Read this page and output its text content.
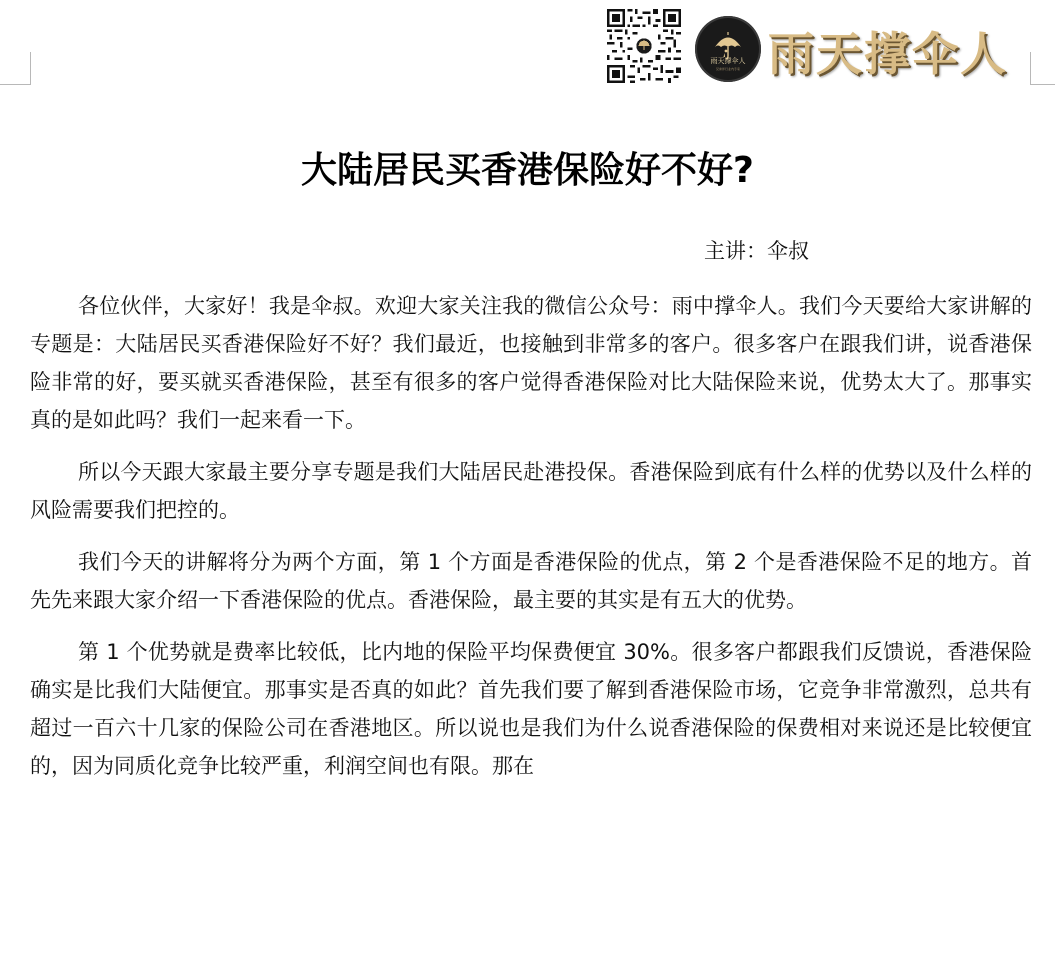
雨天撑伞人
兄弟伴行业内专家 雨天撑伞人
大陆居民买香港保险好不好?
主讲：伞叔

各位伙伴，大家好！我是伞叔。欢迎大家关注我的微信公众号：雨中撑伞人。我们今天要给大家讲解的专题是：大陆居民买香港保险好不好？我们最近，也接触到非常多的客户。很多客户在跟我们讲，说香港保险非常的好，要买就买香港保险，甚至有很多的客户觉得香港保险对比大陆保险来说，优势太大了。那事实真的是如此吗？我们一起来看一下。

所以今天跟大家最主要分享专题是我们大陆居民赴港投保。香港保险到底有什么样的优势以及什么样的风险需要我们把控的。

我们今天的讲解将分为两个方面，第 1 个方面是香港保险的优点，第 2 个是香港保险不足的地方。首先先来跟大家介绍一下香港保险的优点。香港保险，最主要的其实是有五大的优势。

第 1 个优势就是费率比较低，比内地的保险平均保费便宜 30%。很多客户都跟我们反馈说，香港保险确实是比我们大陆便宜。那事实是否真的如此？首先我们要了解到香港保险市场，它竞争非常激烈，总共有超过一百六十几家的保险公司在香港地区。所以说也是我们为什么说香港保险的保费相对来说还是比较便宜的，因为同质化竞争比较严重，利润空间也有限。那在
